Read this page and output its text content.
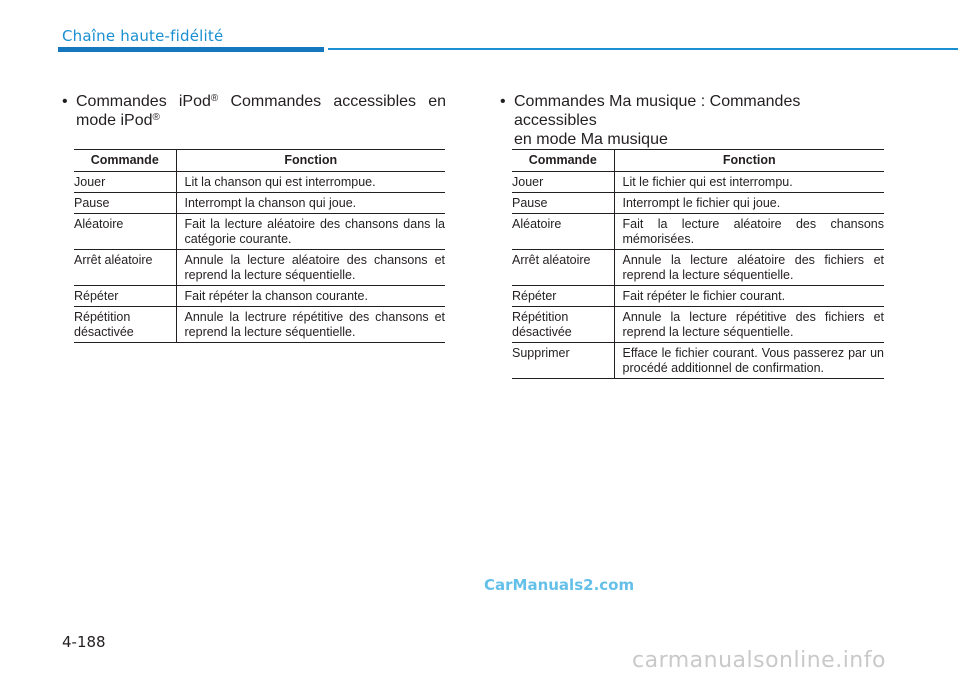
Chaîne haute-fidélité
• Commandes iPod® Commandes accessibles en
mode iPod®
Commande	Fonction
Jouer	Lit la chanson qui est interrompue.
Pause	Interrompt la chanson qui joue.
Aléatoire	Fait la lecture aléatoire des chansons dans la catégorie courante.
Arrêt aléatoire	Annule la lecture aléatoire des chansons et reprend la lecture séquentielle.
Répéter	Fait répéter la chanson courante.
Répétition désactivée	Annule la lectrure répétitive des chansons et reprend la lecture séquentielle.
• Commandes Ma musique : Commandes accessibles
en mode Ma musique
Commande	Fonction
Jouer	Lit le fichier qui est interrompu.
Pause	Interrompt le fichier qui joue.
Aléatoire	Fait la lecture aléatoire des chansons mémorisées.
Arrêt aléatoire	Annule la lecture aléatoire des fichiers et reprend la lecture séquentielle.
Répéter	Fait répéter le fichier courant.
Répétition désactivée	Annule la lecture répétitive des fichiers et reprend la lecture séquentielle.
Supprimer	Efface le fichier courant. Vous passerez par un procédé additionnel de confirmation.
CarManuals2.com
4-188
carmanualsonline.info
